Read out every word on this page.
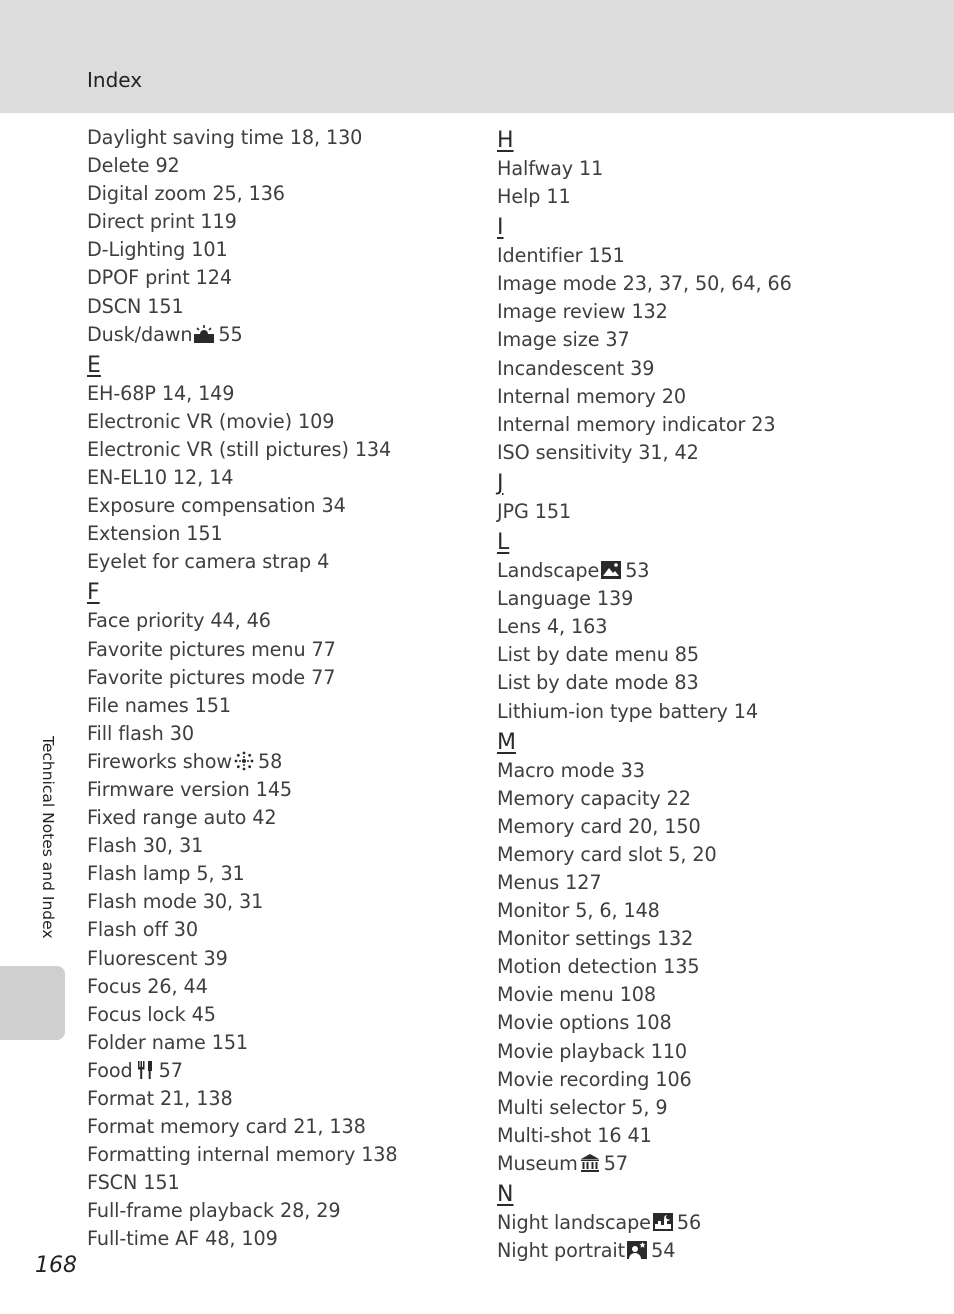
Index
Daylight saving time 18, 130
Delete 92
Digital zoom 25, 136
Direct print 119
D-Lighting 101
DPOF print 124
DSCN 151
Dusk/dawn 55
E
EH-68P 14, 149
Electronic VR (movie) 109
Electronic VR (still pictures) 134
EN-EL10 12, 14
Exposure compensation 34
Extension 151
Eyelet for camera strap 4
F
Face priority 44, 46
Favorite pictures menu 77
Favorite pictures mode 77
File names 151
Fill flash 30
Fireworks show 58
Firmware version 145
Fixed range auto 42
Flash 30, 31
Flash lamp 5, 31
Flash mode 30, 31
Flash off 30
Fluorescent 39
Focus 26, 44
Focus lock 45
Folder name 151
Food 57
Format 21, 138
Format memory card 21, 138
Formatting internal memory 138
FSCN 151
Full-frame playback 28, 29
Full-time AF 48, 109
H
Halfway 11
Help 11
I
Identifier 151
Image mode 23, 37, 50, 64, 66
Image review 132
Image size 37
Incandescent 39
Internal memory 20
Internal memory indicator 23
ISO sensitivity 31, 42
J
JPG 151
L
Landscape 53
Language 139
Lens 4, 163
List by date menu 85
List by date mode 83
Lithium-ion type battery 14
M
Macro mode 33
Memory capacity 22
Memory card 20, 150
Memory card slot 5, 20
Menus 127
Monitor 5, 6, 148
Monitor settings 132
Motion detection 135
Movie menu 108
Movie options 108
Movie playback 110
Movie recording 106
Multi selector 5, 9
Multi-shot 16 41
Museum 57
N
Night landscape 56
Night portrait 54
Technical Notes and Index
168
